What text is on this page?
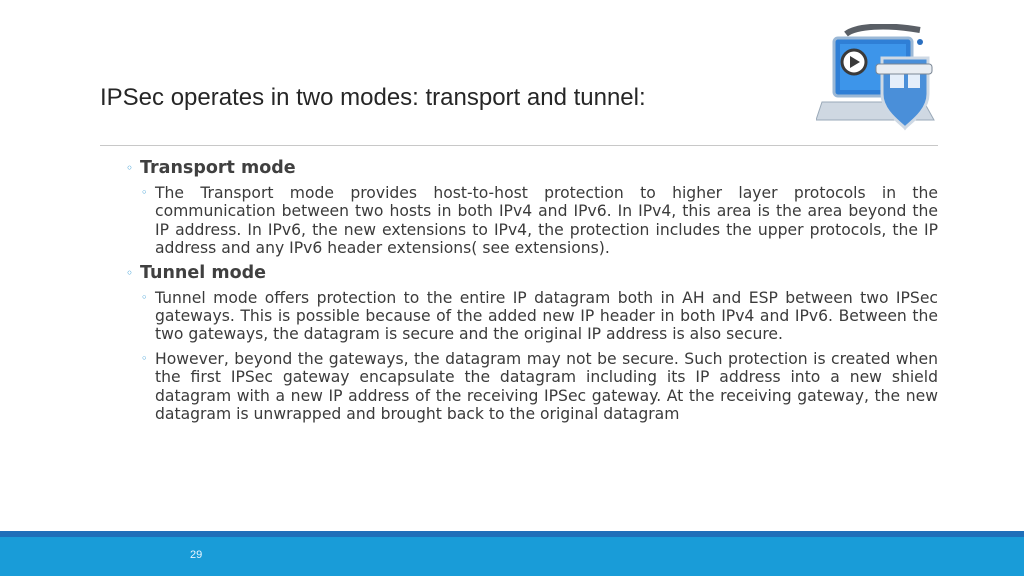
IPSec operates in two modes: transport and tunnel:
◦ Transport mode
◦ The Transport mode provides host-to-host protection to higher layer protocols in the communication between two hosts in both IPv4 and IPv6. In IPv4, this area is the area beyond the IP address. In IPv6, the new extensions to IPv4, the protection includes the upper protocols, the IP address and any IPv6 header extensions( see extensions).
◦ Tunnel mode
◦ Tunnel mode offers protection to the entire IP datagram both in AH and ESP between two IPSec gateways. This is possible because of the added new IP header in both IPv4 and IPv6. Between the two gateways, the datagram is secure and the original IP address is also secure.
◦ However, beyond the gateways, the datagram may not be secure. Such protection is created when the first IPSec gateway encapsulate the datagram including its IP address into a new shield datagram with a new IP address of the receiving IPSec gateway. At the receiving gateway, the new datagram is unwrapped and brought back to the original datagram
29
